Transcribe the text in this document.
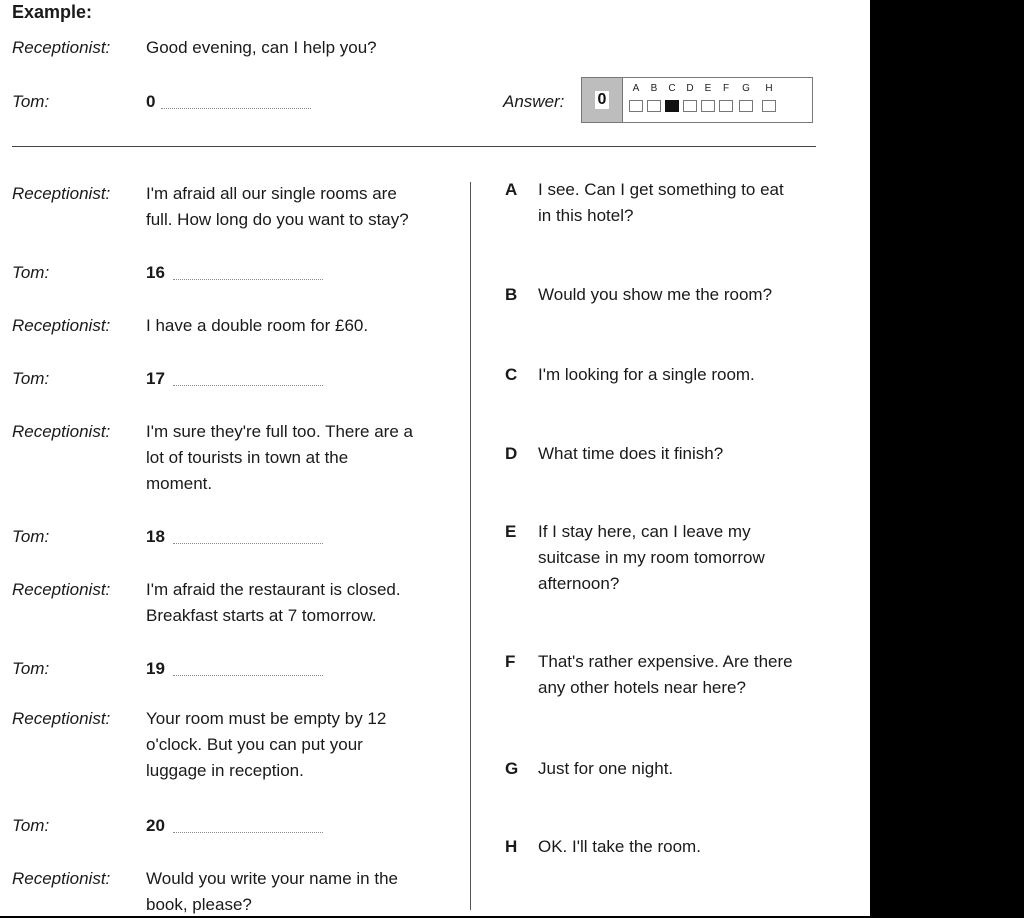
Example:
Receptionist: Good evening, can I help you?
Tom:	0	Answer: 0
A	B	C	D	E	F	G	H
Receptionist: I'm afraid all our single rooms are
full. How long do you want to stay?
Tom:	16
Receptionist: I have a double room for £60.
Tom:	17
Receptionist: I'm sure they're full too. There are a
lot of tourists in town at the
moment.
Tom:	18
Receptionist: I'm afraid the restaurant is closed.
Breakfast starts at 7 tomorrow.
Tom:	19
Receptionist: Your room must be empty by 12
o'clock. But you can put your
luggage in reception.
Tom:	20
Receptionist: Would you write your name in the
book, please?
A I see. Can I get something to eat
in this hotel?
B Would you show me the room?
C I'm looking for a single room.
D What time does it finish?
E If I stay here, can I leave my
suitcase in my room tomorrow
afternoon?
F That's rather expensive. Are there
any other hotels near here?
G Just for one night.
H OK. I'll take the room.
